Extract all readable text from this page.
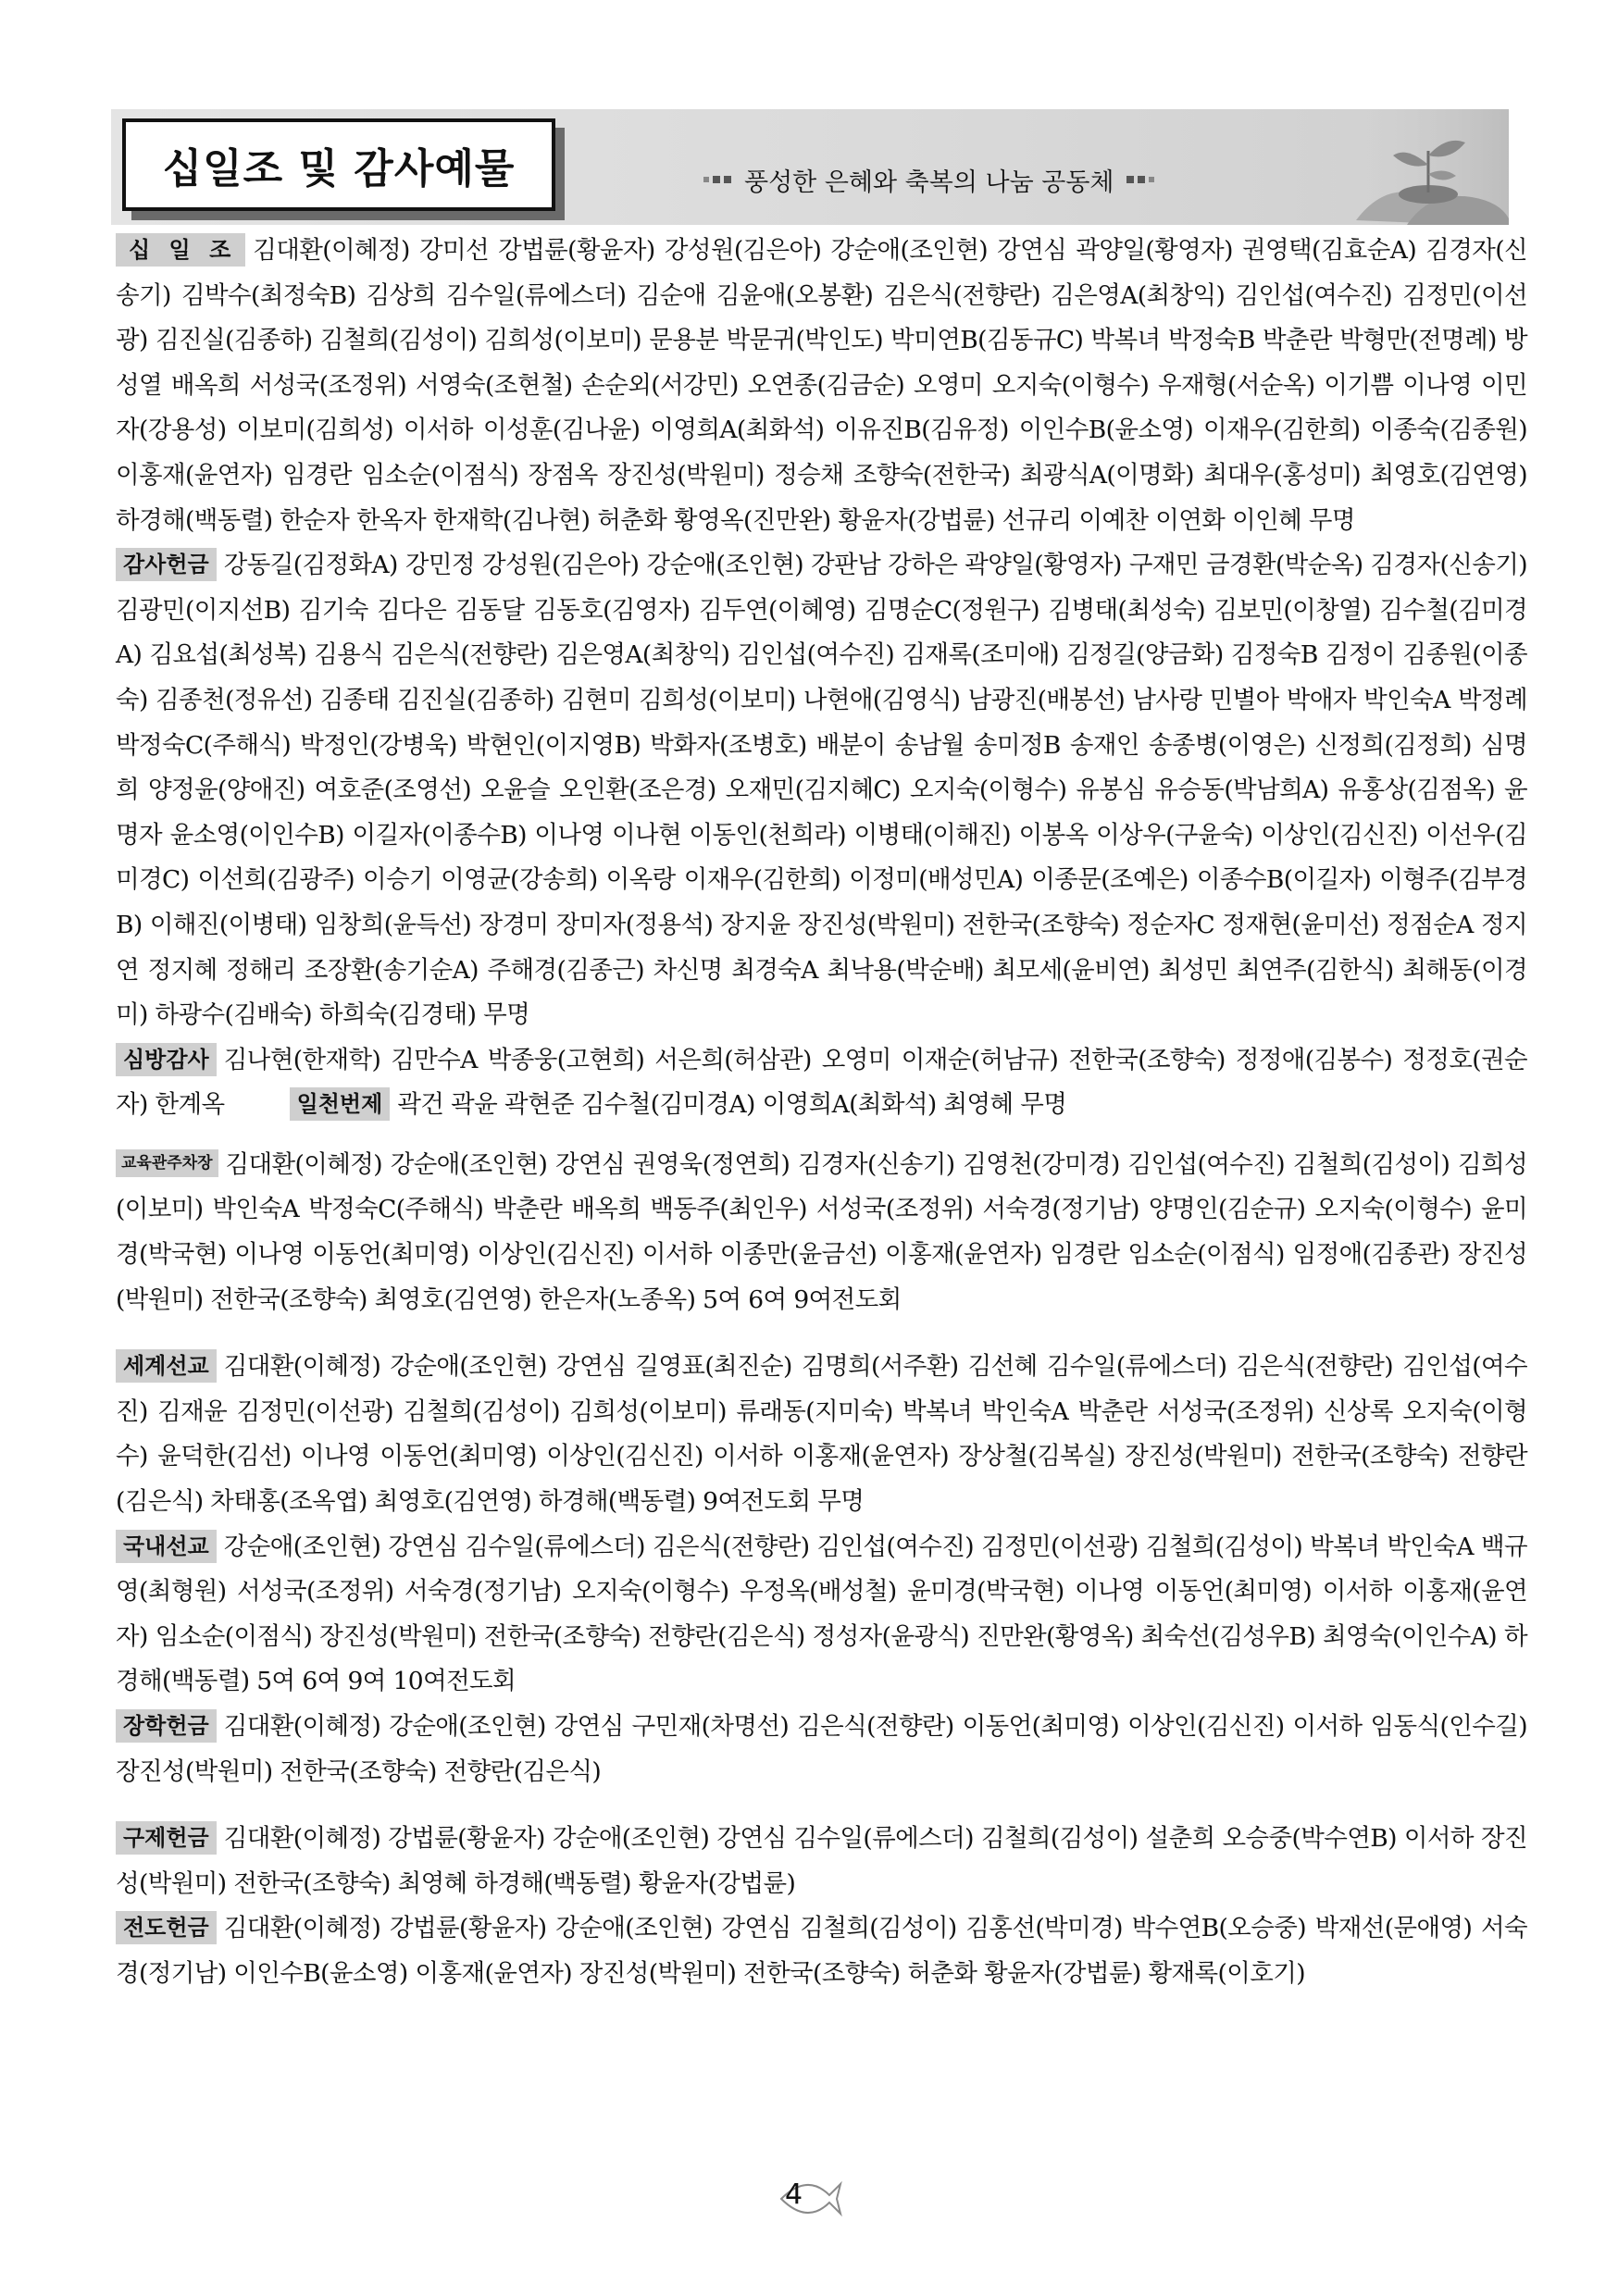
십일조 및 감사예물	풍성한 은혜와 축복의 나눔 공동체

십 일 조 김대환(이혜정) 강미선 강법륜(황윤자) 강성원(김은아) 강순애(조인현) 강연심 곽양일(황영자) 권영택(김효순A) 김경자(신송기) 김박수(최정숙B) 김상희 김수일(류에스더) 김순애 김윤애(오봉환) 김은식(전향란) 김은영A(최창익) 김인섭(여수진) 김정민(이선광) 김진실(김종하) 김철희(김성이) 김희성(이보미) 문용분 박문귀(박인도) 박미연B(김동규C) 박복녀 박정숙B 박춘란 박형만(전명례) 방성열 배옥희 서성국(조정위) 서영숙(조현철) 손순외(서강민) 오연종(김금순) 오영미 오지숙(이형수) 우재형(서순옥) 이기쁨 이나영 이민자(강용성) 이보미(김희성) 이서하 이성훈(김나윤) 이영희A(최화석) 이유진B(김유정) 이인수B(윤소영) 이재우(김한희) 이종숙(김종원) 이홍재(윤연자) 임경란 임소순(이점식) 장점옥 장진성(박원미) 정승채 조향숙(전한국) 최광식A(이명화) 최대우(홍성미) 최영호(김연영) 하경해(백동렬) 한순자 한옥자 한재학(김나현) 허춘화 황영옥(진만완) 황윤자(강법륜) 선규리 이예찬 이연화 이인혜 무명

감사헌금 강동길(김정화A) 강민정 강성원(김은아) 강순애(조인현) 강판남 강하은 곽양일(황영자) 구재민 금경환(박순옥) 김경자(신송기) 김광민(이지선B) 김기숙 김다은 김동달 김동호(김영자) 김두연(이혜영) 김명순C(정원구) 김병태(최성숙) 김보민(이창열) 김수철(김미경A) 김요섭(최성복) 김용식 김은식(전향란) 김은영A(최창익) 김인섭(여수진) 김재록(조미애) 김정길(양금화) 김정숙B 김정이 김종원(이종숙) 김종천(정유선) 김종태 김진실(김종하) 김현미 김희성(이보미) 나현애(김영식) 남광진(배봉선) 남사랑 민별아 박애자 박인숙A 박정례 박정숙C(주해식) 박정인(강병욱) 박현인(이지영B) 박화자(조병호) 배분이 송남월 송미정B 송재인 송종병(이영은) 신정희(김정희) 심명희 양정윤(양애진) 여호준(조영선) 오윤슬 오인환(조은경) 오재민(김지혜C) 오지숙(이형수) 유봉심 유승동(박남희A) 유홍상(김점옥) 윤명자 윤소영(이인수B) 이길자(이종수B) 이나영 이나현 이동인(천희라) 이병태(이해진) 이봉옥 이상우(구윤숙) 이상인(김신진) 이선우(김미경C) 이선희(김광주) 이승기 이영균(강송희) 이옥랑 이재우(김한희) 이정미(배성민A) 이종문(조예은) 이종수B(이길자) 이형주(김부경B) 이해진(이병태) 임창희(윤득선) 장경미 장미자(정용석) 장지윤 장진성(박원미) 전한국(조향숙) 정순자C 정재현(윤미선) 정점순A 정지연 정지혜 정해리 조장환(송기순A) 주해경(김종근) 차신명 최경숙A 최낙용(박순배) 최모세(윤비연) 최성민 최연주(김한식) 최해동(이경미) 하광수(김배숙) 하희숙(김경태) 무명

심방감사 김나현(한재학) 김만수A 박종웅(고현희) 서은희(허삼관) 오영미 이재순(허남규) 전한국(조향숙) 정정애(김봉수) 정정호(권순자) 한계옥	일천번제 곽건 곽윤 곽현준 김수철(김미경A) 이영희A(최화석) 최영혜 무명

교육관주차장 김대환(이혜정) 강순애(조인현) 강연심 권영욱(정연희) 김경자(신송기) 김영천(강미경) 김인섭(여수진) 김철희(김성이) 김희성(이보미) 박인숙A 박정숙C(주해식) 박춘란 배옥희 백동주(최인우) 서성국(조정위) 서숙경(정기남) 양명인(김순규) 오지숙(이형수) 윤미경(박국현) 이나영 이동언(최미영) 이상인(김신진) 이서하 이종만(윤금선) 이홍재(윤연자) 임경란 임소순(이점식) 임정애(김종관) 장진성(박원미) 전한국(조향숙) 최영호(김연영) 한은자(노종옥) 5여 6여 9여전도회

세계선교 김대환(이혜정) 강순애(조인현) 강연심 길영표(최진순) 김명희(서주환) 김선혜 김수일(류에스더) 김은식(전향란) 김인섭(여수진) 김재윤 김정민(이선광) 김철희(김성이) 김희성(이보미) 류래동(지미숙) 박복녀 박인숙A 박춘란 서성국(조정위) 신상록 오지숙(이형수) 윤덕한(김선) 이나영 이동언(최미영) 이상인(김신진) 이서하 이홍재(윤연자) 장상철(김복실) 장진성(박원미) 전한국(조향숙) 전향란(김은식) 차태홍(조옥엽) 최영호(김연영) 하경해(백동렬) 9여전도회 무명

국내선교 강순애(조인현) 강연심 김수일(류에스더) 김은식(전향란) 김인섭(여수진) 김정민(이선광) 김철희(김성이) 박복녀 박인숙A 백규영(최형원) 서성국(조정위) 서숙경(정기남) 오지숙(이형수) 우정옥(배성철) 윤미경(박국현) 이나영 이동언(최미영) 이서하 이홍재(윤연자) 임소순(이점식) 장진성(박원미) 전한국(조향숙) 전향란(김은식) 정성자(윤광식) 진만완(황영옥) 최숙선(김성우B) 최영숙(이인수A) 하경해(백동렬) 5여 6여 9여 10여전도회

장학헌금 김대환(이혜정) 강순애(조인현) 강연심 구민재(차명선) 김은식(전향란) 이동언(최미영) 이상인(김신진) 이서하 임동식(인수길) 장진성(박원미) 전한국(조향숙) 전향란(김은식)

구제헌금 김대환(이혜정) 강법륜(황윤자) 강순애(조인현) 강연심 김수일(류에스더) 김철희(김성이) 설춘희 오승중(박수연B) 이서하 장진성(박원미) 전한국(조향숙) 최영혜 하경해(백동렬) 황윤자(강법륜)

전도헌금 김대환(이혜정) 강법륜(황윤자) 강순애(조인현) 강연심 김철희(김성이) 김홍선(박미경) 박수연B(오승중) 박재선(문애영) 서숙경(정기남) 이인수B(윤소영) 이홍재(윤연자) 장진성(박원미) 전한국(조향숙) 허춘화 황윤자(강법륜) 황재록(이호기)

4
